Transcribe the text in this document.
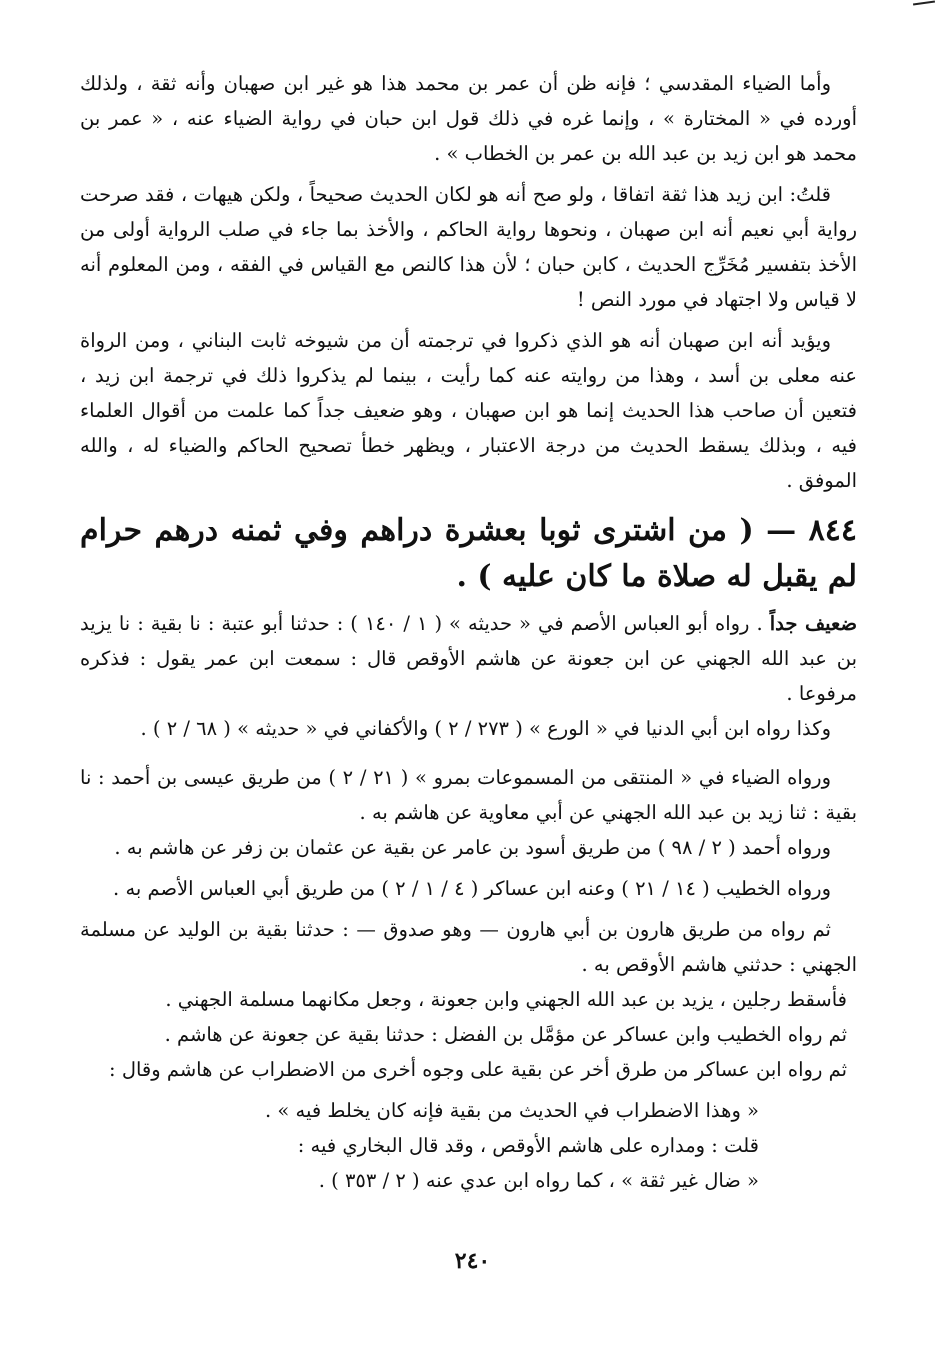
وأما الضياء المقدسي ؛ فإنه ظن أن عمر بن محمد هذا هو غير ابن صهبان وأنه ثقة ، ولذلك أورده في « المختارة » ، وإنما غره في ذلك قول ابن حبان في رواية الضياء عنه ، « عمر بن محمد هو ابن زيد بن عبد الله بن عمر بن الخطاب » .

قلتُ: ابن زيد هذا ثقة اتفاقا ، ولو صح أنه هو لكان الحديث صحيحاً ، ولكن هيهات ، فقد صرحت رواية أبي نعيم أنه ابن صهبان ، ونحوها رواية الحاكم ، والأخذ بما جاء في صلب الرواية أولى من الأخذ بتفسير مُخَرِّج الحديث ، كابن حبان ؛ لأن هذا كالنص مع القياس في الفقه ، ومن المعلوم أنه لا قياس ولا اجتهاد في مورد النص !

ويؤيد أنه ابن صهبان أنه هو الذي ذكروا في ترجمته أن من شيوخه ثابت البناني ، ومن الرواة عنه معلى بن أسد ، وهذا من روايته عنه كما رأيت ، بينما لم يذكروا ذلك في ترجمة ابن زيد ، فتعين أن صاحب هذا الحديث إنما هو ابن صهبان ، وهو ضعيف جداً كما علمت من أقوال العلماء فيه ، وبذلك يسقط الحديث من درجة الاعتبار ، ويظهر خطأ تصحيح الحاكم والضياء له ، والله الموفق .

٨٤٤ — ( من اشترى ثوبا بعشرة دراهم وفي ثمنه درهم حرام لم يقبل له صلاة ما كان عليه ) .

ضعيف جداً . رواه أبو العباس الأصم في « حديثه » ( ١ / ١٤٠ ) : حدثنا أبو عتبة : نا بقية : نا يزيد بن عبد الله الجهني عن ابن جعونة عن هاشم الأوقص قال : سمعت ابن عمر يقول : فذكره مرفوعا .

وكذا رواه ابن أبي الدنيا في « الورع » ( ٢٧٣ / ٢ ) والأكفاني في « حديثه » ( ٦٨ / ٢ ) .

ورواه الضياء في « المنتقى من المسموعات بمرو » ( ٢١ / ٢ ) من طريق عيسى بن أحمد : نا بقية : ثنا زيد بن عبد الله الجهني عن أبي معاوية عن هاشم به .

ورواه أحمد ( ٢ / ٩٨ ) من طريق أسود بن عامر عن بقية عن عثمان بن زفر عن هاشم به .

ورواه الخطيب ( ١٤ / ٢١ ) وعنه ابن عساكر ( ٤ / ١ / ٢ ) من طريق أبي العباس الأصم به .

ثم رواه من طريق هارون بن أبي هارون — وهو صدوق — : حدثنا بقية بن الوليد عن مسلمة الجهني : حدثني هاشم الأوقص به .

فأسقط رجلين ، يزيد بن عبد الله الجهني وابن جعونة ، وجعل مكانهما مسلمة الجهني .

ثم رواه الخطيب وابن عساكر عن مؤمَّل بن الفضل : حدثنا بقية عن جعونة عن هاشم .

ثم رواه ابن عساكر من طرق أخر عن بقية على وجوه أخرى من الاضطراب عن هاشم وقال :

« وهذا الاضطراب في الحديث من بقية فإنه كان يخلط فيه » .

قلت : ومداره على هاشم الأوقص ، وقد قال البخاري فيه :

« ضال غير ثقة » ، كما رواه ابن عدي عنه ( ٢ / ٣٥٣ ) .

٢٤٠
